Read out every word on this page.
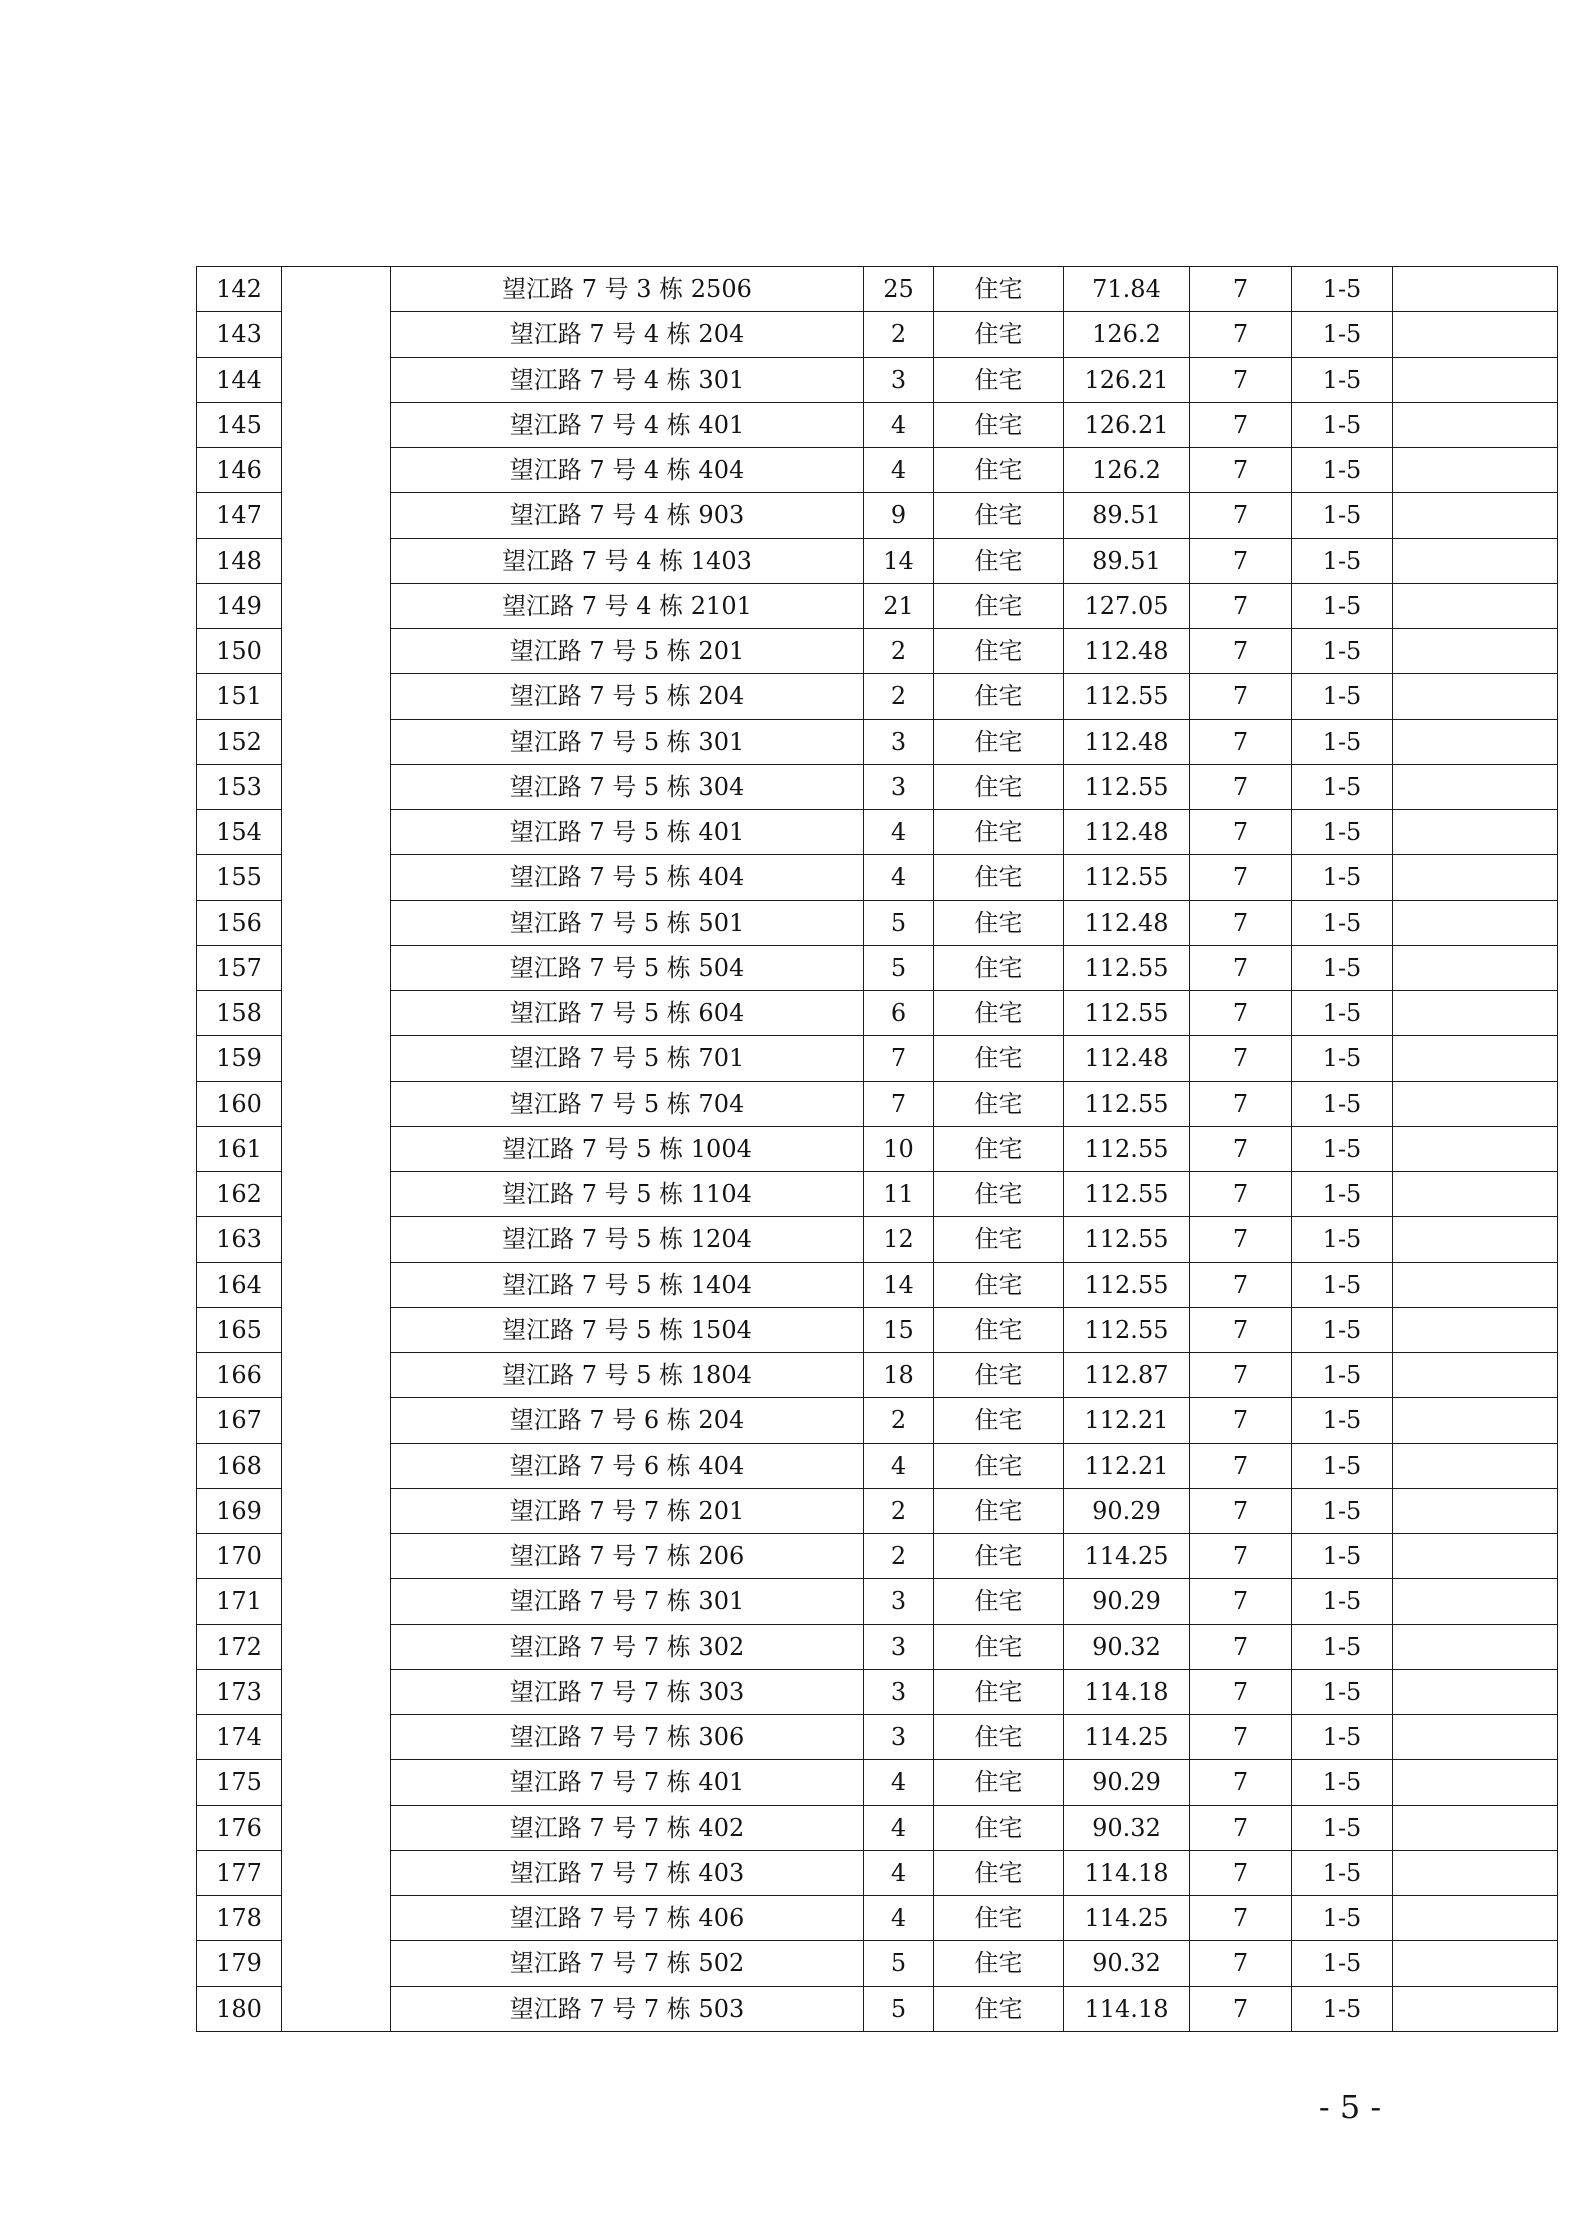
142		望江路 7 号 3 栋 2506	25	住宅	71.84	7	1-5	
143		望江路 7 号 4 栋 204	2	住宅	126.2	7	1-5	
144		望江路 7 号 4 栋 301	3	住宅	126.21	7	1-5	
145		望江路 7 号 4 栋 401	4	住宅	126.21	7	1-5	
146		望江路 7 号 4 栋 404	4	住宅	126.2	7	1-5	
147		望江路 7 号 4 栋 903	9	住宅	89.51	7	1-5	
148		望江路 7 号 4 栋 1403	14	住宅	89.51	7	1-5	
149		望江路 7 号 4 栋 2101	21	住宅	127.05	7	1-5	
150		望江路 7 号 5 栋 201	2	住宅	112.48	7	1-5	
151		望江路 7 号 5 栋 204	2	住宅	112.55	7	1-5	
152		望江路 7 号 5 栋 301	3	住宅	112.48	7	1-5	
153		望江路 7 号 5 栋 304	3	住宅	112.55	7	1-5	
154		望江路 7 号 5 栋 401	4	住宅	112.48	7	1-5	
155		望江路 7 号 5 栋 404	4	住宅	112.55	7	1-5	
156		望江路 7 号 5 栋 501	5	住宅	112.48	7	1-5	
157		望江路 7 号 5 栋 504	5	住宅	112.55	7	1-5	
158		望江路 7 号 5 栋 604	6	住宅	112.55	7	1-5	
159		望江路 7 号 5 栋 701	7	住宅	112.48	7	1-5	
160		望江路 7 号 5 栋 704	7	住宅	112.55	7	1-5	
161		望江路 7 号 5 栋 1004	10	住宅	112.55	7	1-5	
162		望江路 7 号 5 栋 1104	11	住宅	112.55	7	1-5	
163		望江路 7 号 5 栋 1204	12	住宅	112.55	7	1-5	
164		望江路 7 号 5 栋 1404	14	住宅	112.55	7	1-5	
165		望江路 7 号 5 栋 1504	15	住宅	112.55	7	1-5	
166		望江路 7 号 5 栋 1804	18	住宅	112.87	7	1-5	
167		望江路 7 号 6 栋 204	2	住宅	112.21	7	1-5	
168		望江路 7 号 6 栋 404	4	住宅	112.21	7	1-5	
169		望江路 7 号 7 栋 201	2	住宅	90.29	7	1-5	
170		望江路 7 号 7 栋 206	2	住宅	114.25	7	1-5	
171		望江路 7 号 7 栋 301	3	住宅	90.29	7	1-5	
172		望江路 7 号 7 栋 302	3	住宅	90.32	7	1-5	
173		望江路 7 号 7 栋 303	3	住宅	114.18	7	1-5	
174		望江路 7 号 7 栋 306	3	住宅	114.25	7	1-5	
175		望江路 7 号 7 栋 401	4	住宅	90.29	7	1-5	
176		望江路 7 号 7 栋 402	4	住宅	90.32	7	1-5	
177		望江路 7 号 7 栋 403	4	住宅	114.18	7	1-5	
178		望江路 7 号 7 栋 406	4	住宅	114.25	7	1-5	
179		望江路 7 号 7 栋 502	5	住宅	90.32	7	1-5	
180		望江路 7 号 7 栋 503	5	住宅	114.18	7	1-5	
- 5 -
